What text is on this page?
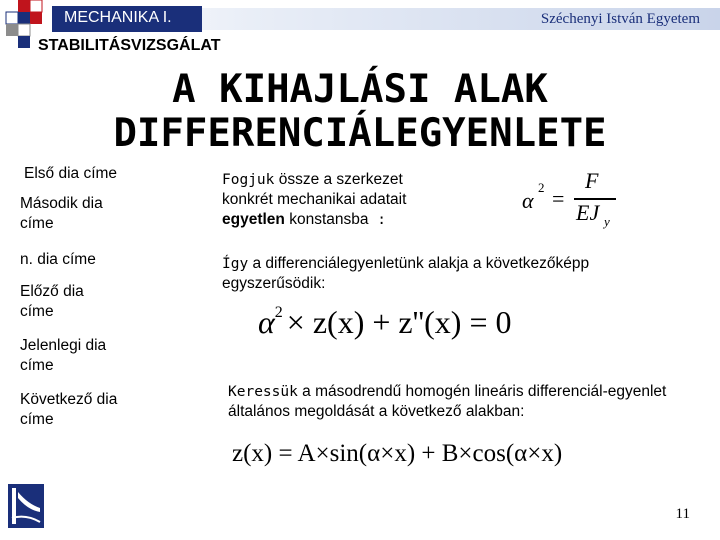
MECHANIKA I.	Széchenyi István Egyetem
STABILITÁSVIZSGÁLAT
A KIHAJLÁSI ALAK
DIFFERENCIÁLEGYENLETE
Első dia címe
Második dia címe
n. dia címe
Előző dia címe
Jelenlegi dia címe
Következő dia címe
Fogjuk össze a szerkezet konkrét mechanikai adatait egyetlen konstansba :
α
2 =
F
EJ y
Így a differenciálegyenletünk alakja a következőképp egyszerűsödik:
$\alpha^2 \times z(x) + z''(x) = 0$
Keressük a másodrendű homogén lineáris differenciál-egyenlet általános megoldását a következő alakban:
z(x) = A×sin(α×x) + B×cos(α×x)
11
